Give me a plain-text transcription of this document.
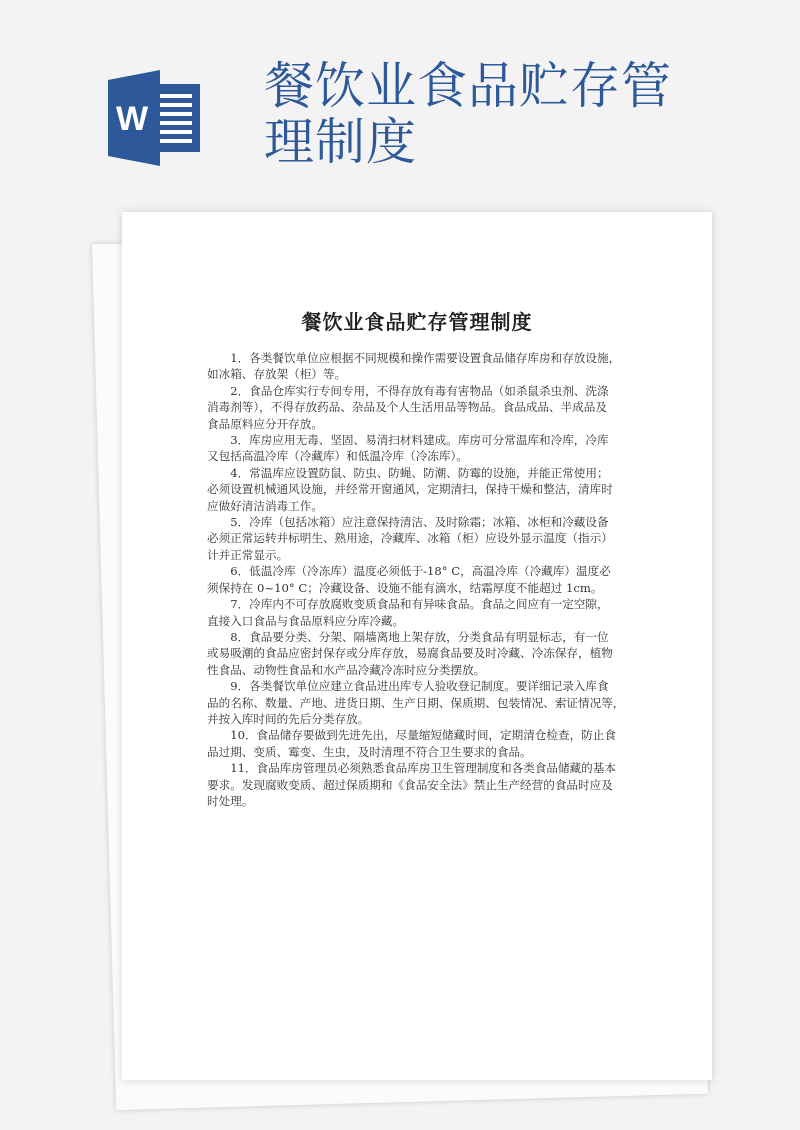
W
餐饮业食品贮存管理制度
餐饮业食品贮存管理制度
1．各类餐饮单位应根据不同规模和操作需要设置食品储存库房和存放设施，
如冰箱、存放架（柜）等。
2．食品仓库实行专间专用，不得存放有毒有害物品（如杀鼠杀虫剂、洗涤
消毒剂等），不得存放药品、杂品及个人生活用品等物品。食品成品、半成品及
食品原料应分开存放。
3．库房应用无毒、坚固、易清扫材料建成。库房可分常温库和冷库，冷库
又包括高温冷库（冷藏库）和低温冷库（冷冻库）。
4．常温库应设置防鼠、防虫、防蝇、防潮、防霉的设施，并能正常使用；
必须设置机械通风设施，并经常开窗通风，定期清扫，保持干燥和整洁，清库时
应做好清洁消毒工作。
5．冷库（包括冰箱）应注意保持清洁、及时除霜；冰箱、冰柜和冷藏设备
必须正常运转并标明生、熟用途，冷藏库、冰箱（柜）应设外显示温度（指示）
计并正常显示。
6．低温冷库（冷冻库）温度必须低于-18° C，高温冷库（冷藏库）温度必
须保持在 0~10° C；冷藏设备、设施不能有滴水，结霜厚度不能超过 1cm。
7．冷库内不可存放腐败变质食品和有异味食品。食品之间应有一定空隙，
直接入口食品与食品原料应分库冷藏。
8．食品要分类、分架、隔墙离地上架存放，分类食品有明显标志，有一位
或易吸潮的食品应密封保存或分库存放，易腐食品要及时冷藏、冷冻保存，植物
性食品、动物性食品和水产品冷藏冷冻时应分类摆放。
9．各类餐饮单位应建立食品进出库专人验收登记制度。要详细记录入库食
品的名称、数量、产地、进货日期、生产日期、保质期、包装情况、索证情况等，
并按入库时间的先后分类存放。
10．食品储存要做到先进先出，尽量缩短储藏时间，定期清仓检查，防止食
品过期、变质、霉变、生虫，及时清理不符合卫生要求的食品。
11．食品库房管理员必须熟悉食品库房卫生管理制度和各类食品储藏的基本
要求。发现腐败变质、超过保质期和《食品安全法》禁止生产经营的食品时应及
时处理。
